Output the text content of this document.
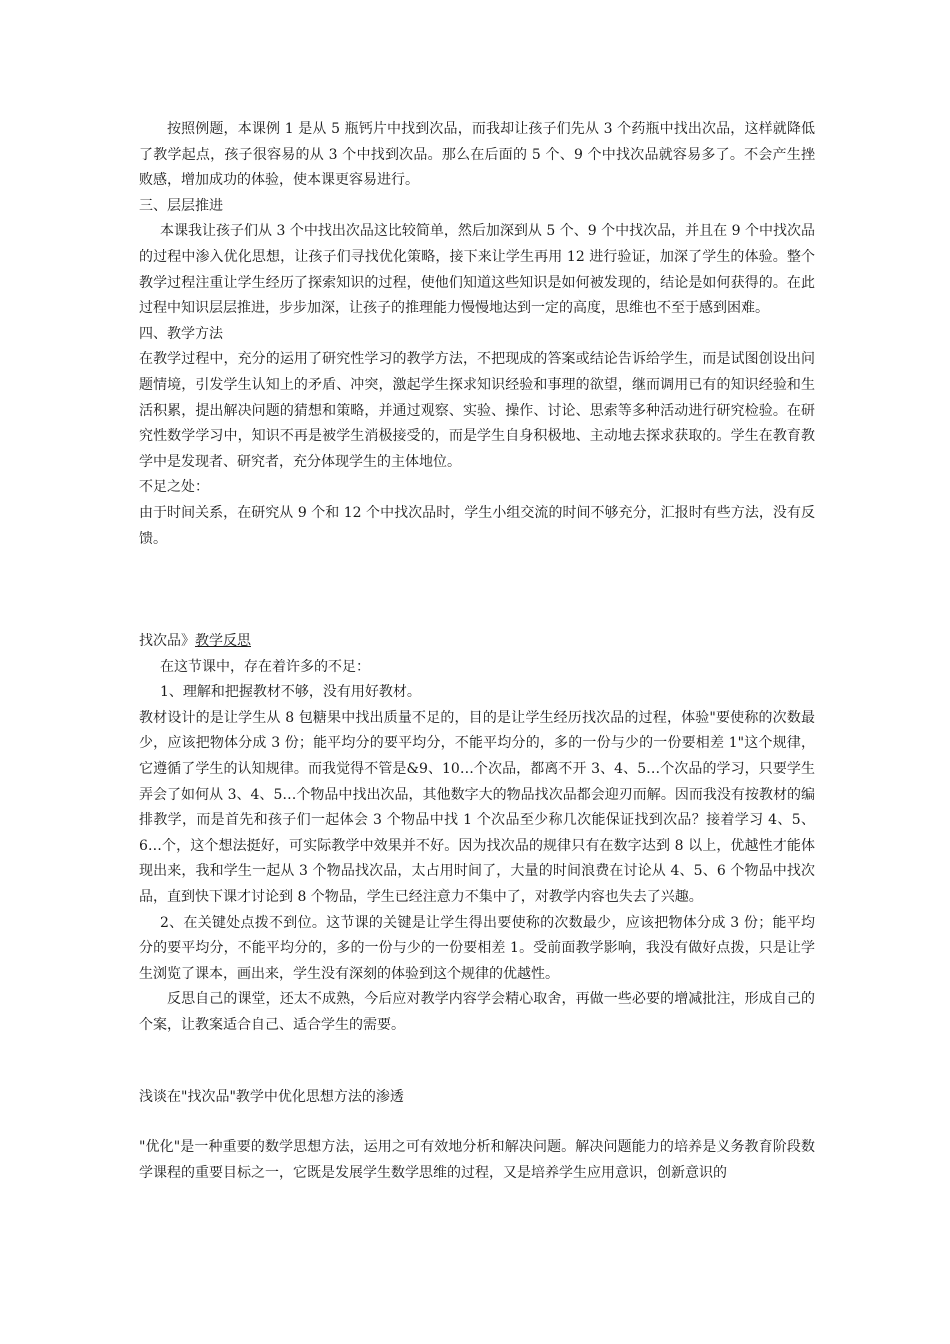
按照例题，本课例 1 是从 5 瓶钙片中找到次品，而我却让孩子们先从 3 个药瓶中找出次品，这样就降低了教学起点，孩子很容易的从 3 个中找到次品。那么在后面的 5 个、9 个中找次品就容易多了。不会产生挫败感，增加成功的体验，使本课更容易进行。

三、层层推进

本课我让孩子们从 3 个中找出次品这比较简单，然后加深到从 5 个、9 个中找次品，并且在 9 个中找次品的过程中渗入优化思想，让孩子们寻找优化策略，接下来让学生再用 12 进行验证，加深了学生的体验。整个教学过程注重让学生经历了探索知识的过程，使他们知道这些知识是如何被发现的，结论是如何获得的。在此过程中知识层层推进，步步加深，让孩子的推理能力慢慢地达到一定的高度，思维也不至于感到困难。

四、教学方法

在教学过程中，充分的运用了研究性学习的教学方法，不把现成的答案或结论告诉给学生，而是试图创设出问题情境，引发学生认知上的矛盾、冲突，激起学生探求知识经验和事理的欲望，继而调用已有的知识经验和生活积累，提出解决问题的猜想和策略，并通过观察、实验、操作、讨论、思索等多种活动进行研究检验。在研究性数学学习中，知识不再是被学生消极接受的，而是学生自身积极地、主动地去探求获取的。学生在教育教学中是发现者、研究者，充分体现学生的主体地位。

不足之处：

由于时间关系，在研究从 9 个和 12 个中找次品时，学生小组交流的时间不够充分，汇报时有些方法，没有反馈。

找次品》教学反思

在这节课中，存在着许多的不足：

1、理解和把握教材不够，没有用好教材。

教材设计的是让学生从 8 包糖果中找出质量不足的，目的是让学生经历找次品的过程，体验"要使称的次数最少，应该把物体分成 3 份；能平均分的要平均分，不能平均分的，多的一份与少的一份要相差 1"这个规律，它遵循了学生的认知规律。而我觉得不管是&9、10…个次品，都离不开 3、4、5…个次品的学习，只要学生弄会了如何从 3、4、5…个物品中找出次品，其他数字大的物品找次品都会迎刃而解。因而我没有按教材的编排教学，而是首先和孩子们一起体会 3 个物品中找 1 个次品至少称几次能保证找到次品？接着学习 4、5、6…个，这个想法挺好，可实际教学中效果并不好。因为找次品的规律只有在数字达到 8 以上，优越性才能体现出来，我和学生一起从 3 个物品找次品，太占用时间了，大量的时间浪费在讨论从 4、5、6 个物品中找次品，直到快下课才讨论到 8 个物品，学生已经注意力不集中了，对教学内容也失去了兴趣。

2、在关键处点拨不到位。这节课的关键是让学生得出要使称的次数最少，应该把物体分成 3 份；能平均分的要平均分，不能平均分的，多的一份与少的一份要相差 1。受前面教学影响，我没有做好点拨，只是让学生浏览了课本，画出来，学生没有深刻的体验到这个规律的优越性。

反思自己的课堂，还太不成熟，今后应对教学内容学会精心取舍，再做一些必要的增减批注，形成自己的个案，让教案适合自己、适合学生的需要。

浅谈在"找次品"教学中优化思想方法的渗透

"优化"是一种重要的数学思想方法，运用之可有效地分析和解决问题。解决问题能力的培养是义务教育阶段数学课程的重要目标之一，它既是发展学生数学思维的过程，又是培养学生应用意识，创新意识的
